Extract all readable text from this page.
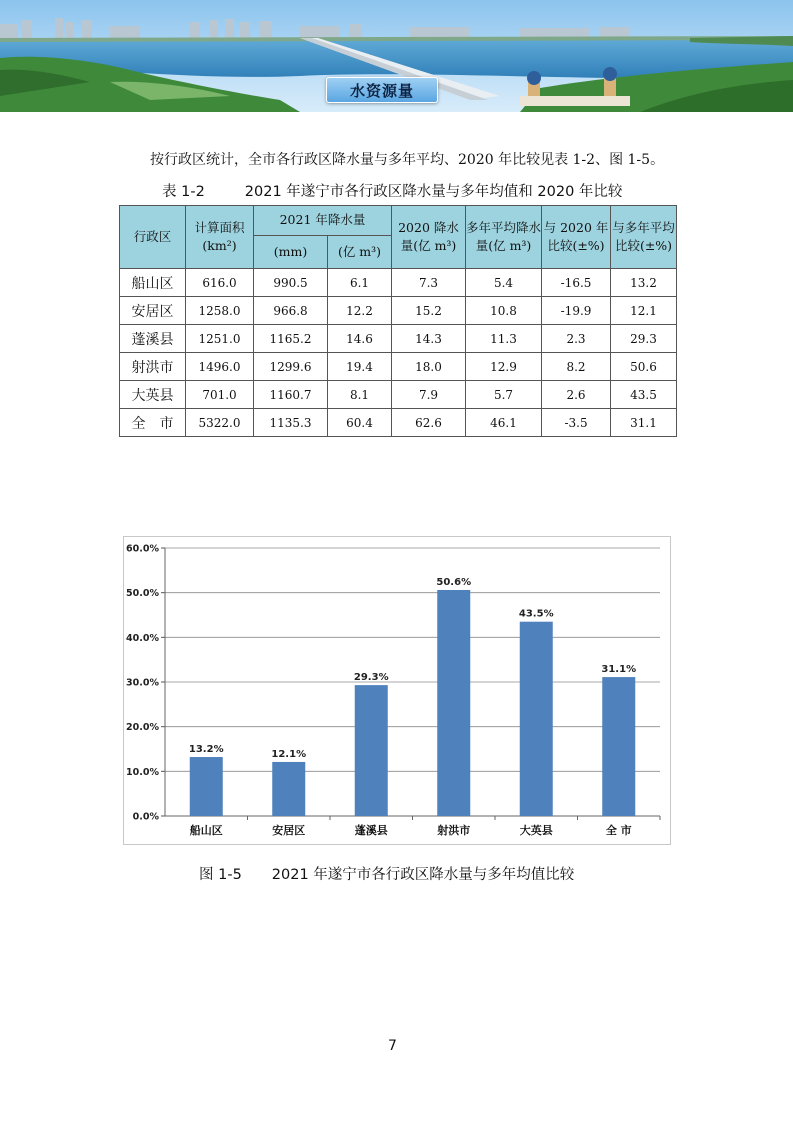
水资源量

按行政区统计，全市各行政区降水量与多年平均、2020 年比较见表 1-2、图 1-5。

表 1-2	2021 年遂宁市各行政区降水量与多年均值和 2020 年比较
行政区	计算面积(km²)	2021 年降水量		2020 降水量(亿 m³)	多年平均降水量(亿 m³)	与 2020 年比较(±%)	与多年平均比较(±%)
		(mm)	(亿 m³)				
船山区	616.0	990.5	6.1	7.3	5.4	-16.5	13.2
安居区	1258.0	966.8	12.2	15.2	10.8	-19.9	12.1
蓬溪县	1251.0	1165.2	14.6	14.3	11.3	2.3	29.3
射洪市	1496.0	1299.6	19.4	18.0	12.9	8.2	50.6
大英县	701.0	1160.7	8.1	7.9	5.7	2.6	43.5
全　市	5322.0	1135.3	60.4	62.6	46.1	-3.5	31.1
0.0%
10.0%
20.0%
30.0%
40.0%
50.0%
60.0%
13.2%
船山区
12.1%
安居区
29.3%
蓬溪县
50.6%
射洪市
43.5%
大英县
31.1%
全 市
图 1-5 2021 年遂宁市各行政区降水量与多年均值比较
7
